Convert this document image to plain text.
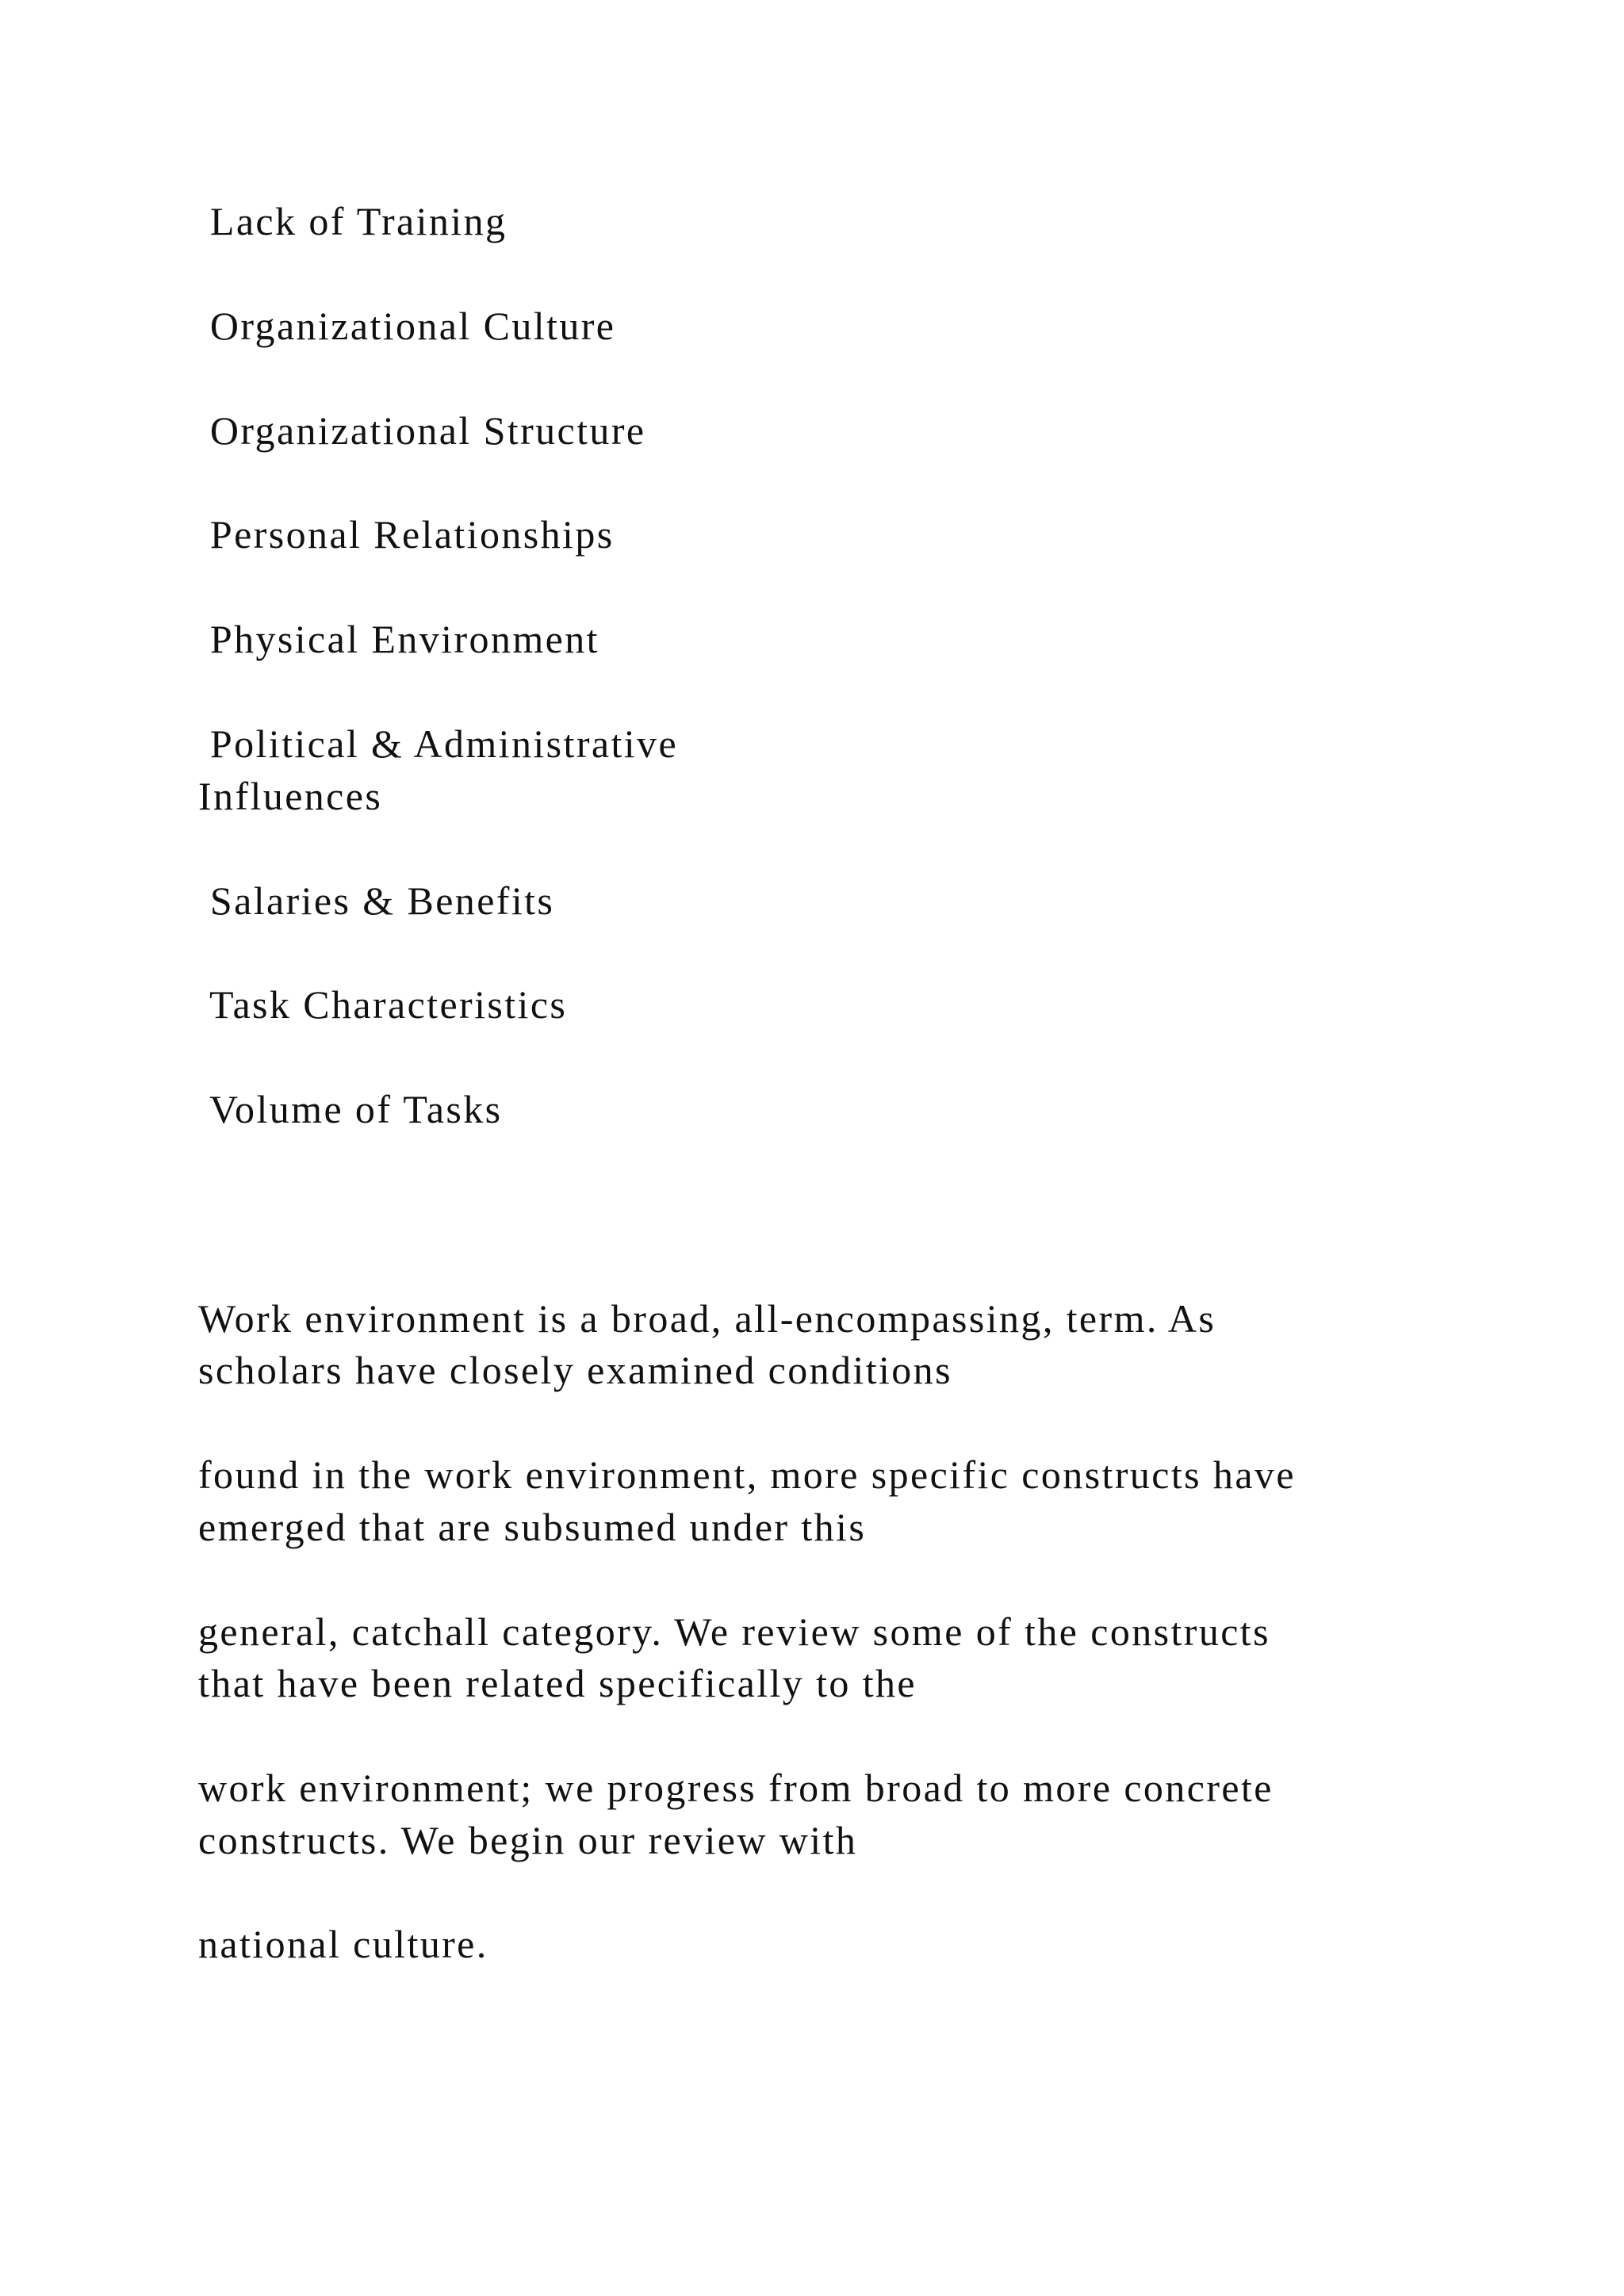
Lack of Training

Organizational Culture

Organizational Structure

Personal Relationships

Physical Environment

Political & Administrative

Influences

Salaries & Benefits

Task Characteristics

Volume of Tasks

Work environment is a broad, all-encompassing, term. As

scholars have closely examined conditions

found in the work environment, more specific constructs have

emerged that are subsumed under this

general, catchall category. We review some of the constructs

that have been related specifically to the

work environment; we progress from broad to more concrete

constructs. We begin our review with

national culture.
